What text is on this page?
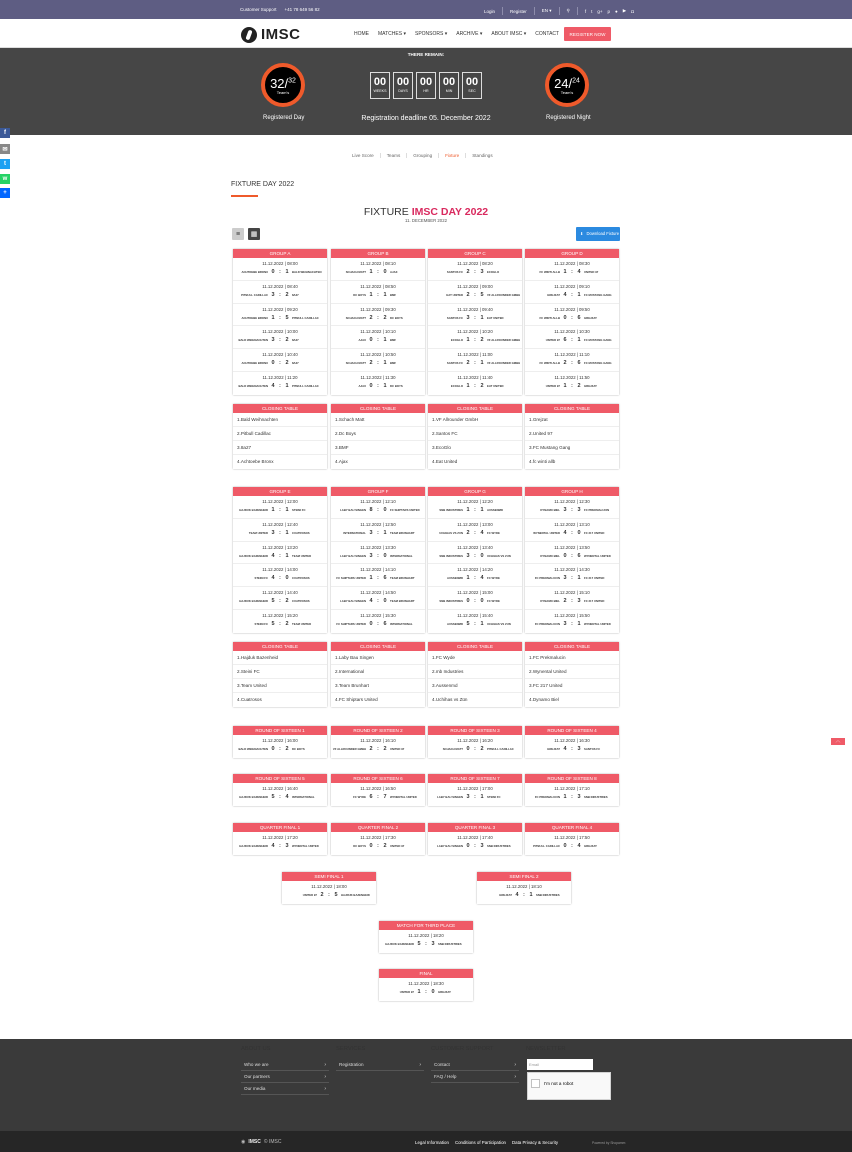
Customer Support +41 78 649 56 82	Login	Register	EN ▾	⚲	f t g+ p ● ▶ ◘
IMSC	HOME MATCHES ▾ SPONSORS ▾ ARCHIVE ▾ ABOUT IMSC ▾ CONTACT	REGISTER NOW
32/$^{32}$
Team's
Registered Day
THERE REMAIN:
00
WEEKS
00
DAYS
00
HR
00
MIN
00
SEC
Registration deadline 05. December 2022
24/$^{24}$
Team's
Registered Night
f
✉
t
w
+
Live Score	Teams	Grouping	Fixture	Standings
FIXTURE DAY 2022
FIXTURE IMSC DAY 2022
11. DECEMBER 2022
≡	▦	⬇ Download Fixture
GROUP A
11.12.2022 | 08:00
ACHTOEBE BRONX 0 : 1	BALD WEIHNACHTEN
11.12.2022 | 08:40
PITBULL CADILLAC 3 : 2	8A27
11.12.2022 | 09:20
ACHTOEBE BRONX 1 : 5	PITBULL CADILLAC
11.12.2022 | 10:00
BALD WEIHNACHTEN 3 : 2	8A27
11.12.2022 | 10:40
ACHTOEBE BRONX 0 : 2	8A27
11.12.2022 | 11:20
BALD WEIHNACHTEN 4 : 1	PITBULL CADILLAC
GROUP B
11.12.2022 | 08:10
SCHACH MATT 1 : 0	AJAX
11.12.2022 | 08:50
DC BOYS 1 : 1	BMF
11.12.2022 | 09:30
SCHACH MATT 2 : 2	DC BOYS
11.12.2022 | 10:10
AJAX 0 : 1	BMF
11.12.2022 | 10:50
SCHACH MATT 2 : 1	BMF
11.12.2022 | 11:30
AJAX 0 : 1	DC BOYS
GROUP C
11.12.2022 | 08:20
SANTOS FC 2 : 3	ECOGLO
11.12.2022 | 09:00
EAT UNITED 2 : 5	VF ALLROUNDER GMBH
11.12.2022 | 09:40
SANTOS FC 3 : 1	EAT UNITED
11.12.2022 | 10:20
ECOGLO 1 : 2	VF ALLROUNDER GMBH
11.12.2022 | 11:00
SANTOS FC 2 : 1	VF ALLROUNDER GMBH
11.12.2022 | 11:40
ECOGLO 1 : 2	EAT UNITED
GROUP D
11.12.2022 | 08:30
FC WINTI ALLB 1 : 4	UNITED 97
11.12.2022 | 09:10
GREJZAT 4 : 1	FC MUSTANG GANG
11.12.2022 | 09:50
FC WINTI ALLB 0 : 6	GREJZAT
11.12.2022 | 10:30
UNITED 97 6 : 1	FC MUSTANG GANG
11.12.2022 | 11:10
FC WINTI ALLB 2 : 6	FC MUSTANG GANG
11.12.2022 | 11:50
UNITED 97 1 : 2	GREJZAT
CLOSING TABLE
1.Bald Weihnachten
2.Pitbull Cadillac
3.8a27
4.Achtoebe Bronx
CLOSING TABLE
1.Schach Matt
2.Dc Boys
3.BMF
4.Ajax
CLOSING TABLE
1.VF Allrounder GmbH
2.Santos FC
3.EcoGlo
4.Eat United
CLOSING TABLE
1.Grejzat
2.United 97
3.FC Mustang Gang
4.fc winti allb
GROUP E
11.12.2022 | 12:00
HAJDUK BAZENHEID 1 : 1	STEINI FC
11.12.2022 | 12:40
TEAM UNITED 3 : 1	CUATROSOS
11.12.2022 | 13:20
HAJDUK BAZENHEID 4 : 1	TEAM UNITED
11.12.2022 | 14:00
STEINI FC 4 : 0	CUATROSOS
11.12.2022 | 14:40
HAJDUK BAZENHEID 5 : 2	CUATROSOS
11.12.2022 | 15:20
STEINI FC 5 : 2	TEAM UNITED
GROUP F
11.12.2022 | 12:10
LABY BAU SINGEN 8 : 0	FC SHIPTARS UNITED
11.12.2022 | 12:50
INTERNATIONAL 3 : 1	TEAM BRUNHART
11.12.2022 | 13:30
LABY BAU SINGEN 3 : 0	INTERNATIONAL
11.12.2022 | 14:10
FC SHIPTARS UNITED 1 : 6	TEAM BRUNHART
11.12.2022 | 14:50
LABY BAU SINGEN 4 : 0	TEAM BRUNHART
11.12.2022 | 15:30
FC SHIPTARS UNITED 0 : 6	INTERNATIONAL
GROUP G
11.12.2022 | 12:20
SNB INDUSTRIES 1 : 1	AUSSENMD
11.12.2022 | 13:00
UCHIHAS VS ZUN 2 : 4	FC WYDE
11.12.2022 | 13:40
SNB INDUSTRIES 3 : 0	UCHIHAS VS ZUN
11.12.2022 | 14:20
AUSSENMD 1 : 4	FC WYDE
11.12.2022 | 15:00
SNB INDUSTRIES 0 : 0	FC WYDE
11.12.2022 | 15:40
AUSSENMD 5 : 1	UCHIHAS VS ZUN
GROUP H
11.12.2022 | 12:30
DYNAMO BIEL 3 : 3	FC PREKMALUCIN
11.12.2022 | 13:10
WYNENTAL UNITED 4 : 0	FC 217 UNITED
11.12.2022 | 13:50
DYNAMO BIEL 0 : 6	WYNENTAL UNITED
11.12.2022 | 14:30
FC PREKMALUCIN 3 : 1	FC 217 UNITED
11.12.2022 | 15:10
DYNAMO BIEL 2 : 3	FC 217 UNITED
11.12.2022 | 15:50
FC PREKMALUCIN 3 : 1	WYNENTAL UNITED
CLOSING TABLE
1.Hajduk Bazenheid
2.Steini FC
3.Team United
4.Cuatrosos
CLOSING TABLE
1.Laby Bau Singen
2.International
3.Team Brunhart
4.FC Shiptars United
CLOSING TABLE
1.FC Wyde
2.mb Industries
3.Aussenmd
4.Uchihas vs Zün
CLOSING TABLE
1.FC Prekmalucin
2.Wynental United
3.FC 217 United
4.Dynamo Biel
ROUND OF SIXTEEN 1
11.12.2022 | 16:00
BALD WEIHNACHTEN 0 : 2	DC BOYS
ROUND OF SIXTEEN 2
11.12.2022 | 16:10
VF ALLROUNDER GMBH 2 : 2	UNITED 97
ROUND OF SIXTEEN 3
11.12.2022 | 16:20
SCHACH MATT 0 : 2	PITBULL CADILLAC
ROUND OF SIXTEEN 4
11.12.2022 | 16:30
GREJZAT 4 : 3	SANTOS FC
ROUND OF SIXTEEN 5
11.12.2022 | 16:40
HAJDUK BAZENHEID 5 : 4	INTERNATIONAL
ROUND OF SIXTEEN 6
11.12.2022 | 16:50
FC WYDE 6 : 7	WYNENTAL UNITED
ROUND OF SIXTEEN 7
11.12.2022 | 17:00
LABY BAU SINGEN 3 : 1	STEINI FC
ROUND OF SIXTEEN 8
11.12.2022 | 17:10
FC PREKMALUCIN 1 : 3	SNB INDUSTRIES
QUARTER FINAL 1
11.12.2022 | 17:20
HAJDUK BAZENHEID 4 : 3	WYNENTAL UNITED
QUARTER FINAL 2
11.12.2022 | 17:30
DC BOYS 0 : 2	UNITED 97
QUARTER FINAL 3
11.12.2022 | 17:40
LABY BAU SINGEN 0 : 3	SNB INDUSTRIES
QUARTER FINAL 4
11.12.2022 | 17:50
PITBULL CADILLAC 0 : 4	GREJZAT
SEMI FINAL 1
11.12.2022 | 18:00
UNITED 97 2 : 5	HAJDUK BAZENHEID
SEMI FINAL 2
11.12.2022 | 18:10
GREJZAT 4 : 1	SNB INDUSTRIES
MATCH FOR THIRD PLACE
11.12.2022 | 18:20
HAJDUK BAZENHEID 5 : 3	SNB INDUSTRIES
FINAL
11.12.2022 | 18:30
UNITED 97 1 : 0	GREJZAT
︿
ABOUT US
Who we are	›
Our partners	›
Our media	›
SERVICES
Registration	›
CUSTOMER SUPPORT
Contact	›
FAQ / Help	›
NEWSLETTER
Email
I'm not a robot
◉ IMSC © IMSC	Legal Information Conditions of Participation Data Privacy & Security	Powered by Shopamm
